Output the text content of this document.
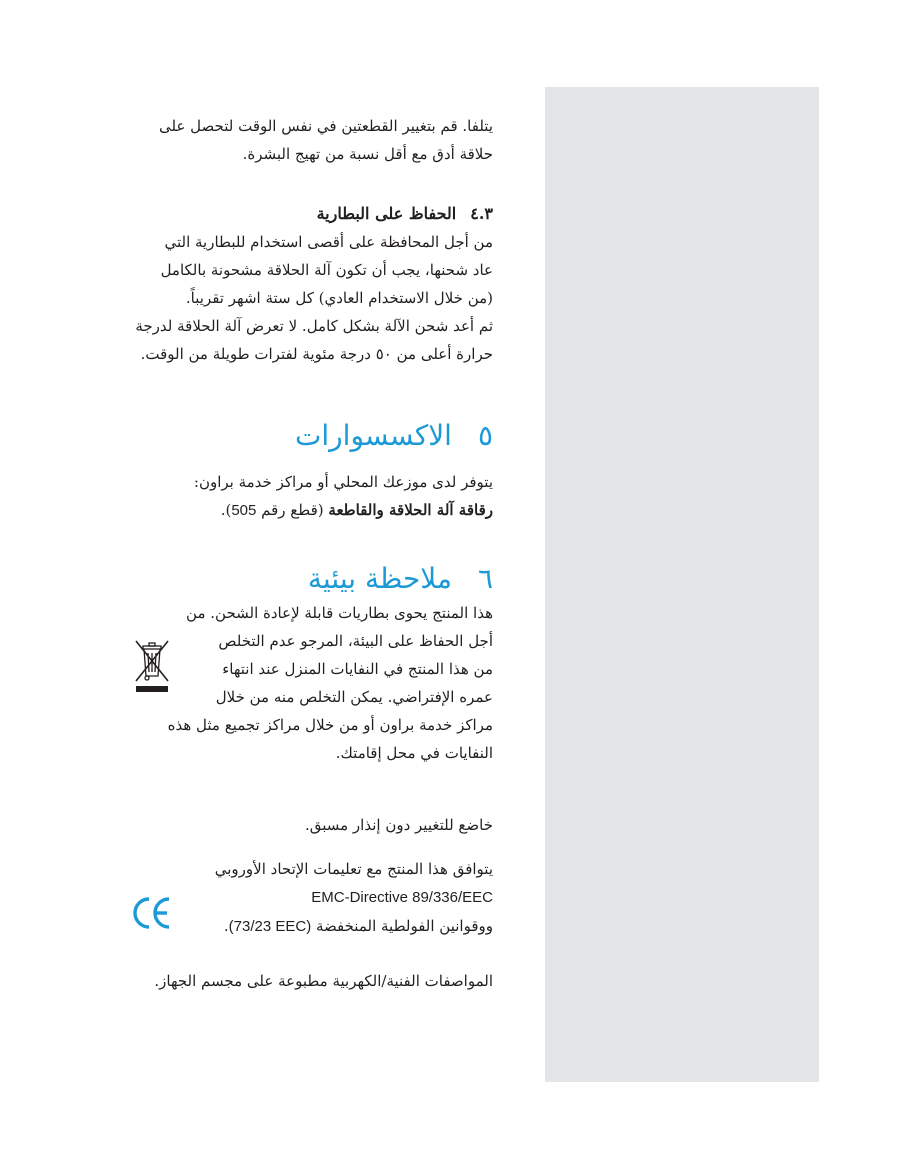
يتلفا. قم بتغيير القطعتين في نفس الوقت لتحصل على

حلاقة أدق مع أقل نسبة من تهيج البشرة.

٤.٣الحفاظ على البطارية

من أجل المحافظة على أقصى استخدام للبطارية التي

عاد شحنها، يجب أن تكون آلة الحلاقة مشحونة بالكامل

(من خلال الاستخدام العادي) كل ستة اشهر تقريباً.

ثم أعد شحن الآلة بشكل كامل. لا تعرض آلة الحلاقة لدرجة

حرارة أعلى من ٥٠ درجة مئوية لفترات طويلة من الوقت.

٥الاكسسوارات

يتوفر لدى موزعك المحلي أو مراكز خدمة براون:

رقاقة آلة الحلاقة والقاطعة (قطع رقم 505).

٦ملاحظة بيئية

هذا المنتج يحوى بطاريات قابلة لإعادة الشحن. من

أجل الحفاظ على البيئة، المرجو عدم التخلص

من هذا المنتج في النفايات المنزل عند انتهاء

عمره الإفتراضي. يمكن التخلص منه من خلال

مراكز خدمة براون أو من خلال مراكز تجميع مثل هذه

النفايات في محل إقامتك.

خاضع للتغيير دون إنذار مسبق.

يتوافق هذا المنتج مع تعليمات الإتحاد الأوروبي

EMC-Directive 89/336/EEC

ووقوانين الفولطية المنخفضة (73/23 EEC).

المواصفات الفنية/الكهربية مطبوعة على مجسم الجهاز.
